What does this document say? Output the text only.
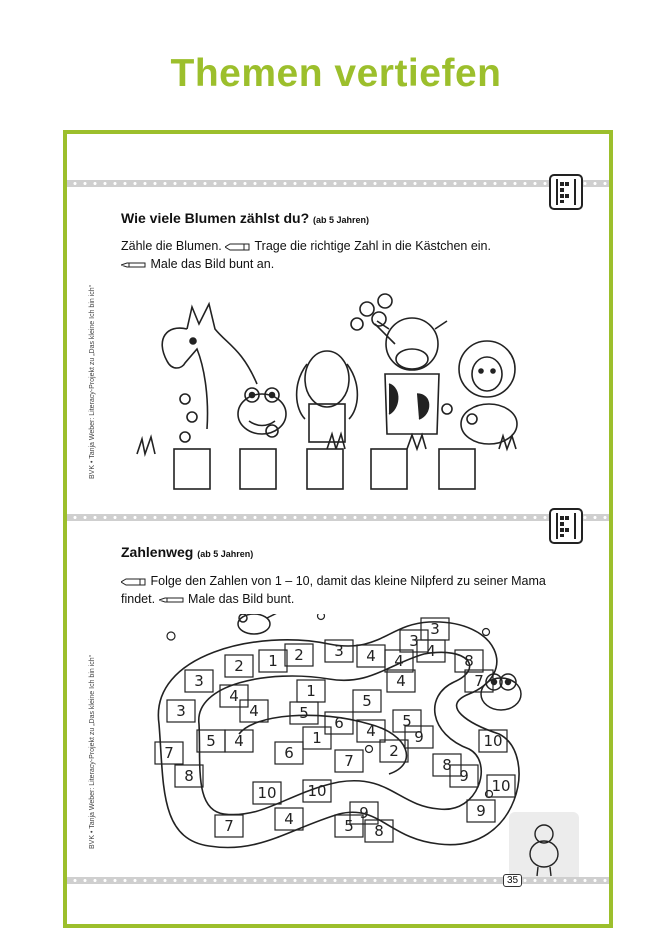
Themen vertiefen
Wie viele Blumen zählst du? (ab 5 Jahren)
Zähle die Blumen.	Trage die richtige Zahl in die Kästchen ein.
Male das Bild bunt an.
BVK • Tanja Weber: Literacy-Projekt zu „Das kleine Ich bin ich“
Zahlenweg (ab 5 Jahren)
Folge den Zahlen von 1 – 10, damit das kleine Nilpferd zu seiner Mama
findet.	Male das Bild bunt.
BVK • Tanja Weber: Literacy-Projekt zu „Das kleine Ich bin ich“	1 2 3 4
2
3
4	1
5
4
3
4
4
3
5
3	4	5
6 4
7
4
5
6	2
9
8
7
8
10
8	9
10
9
7
9
8
1
10 10
7	5
4
35
